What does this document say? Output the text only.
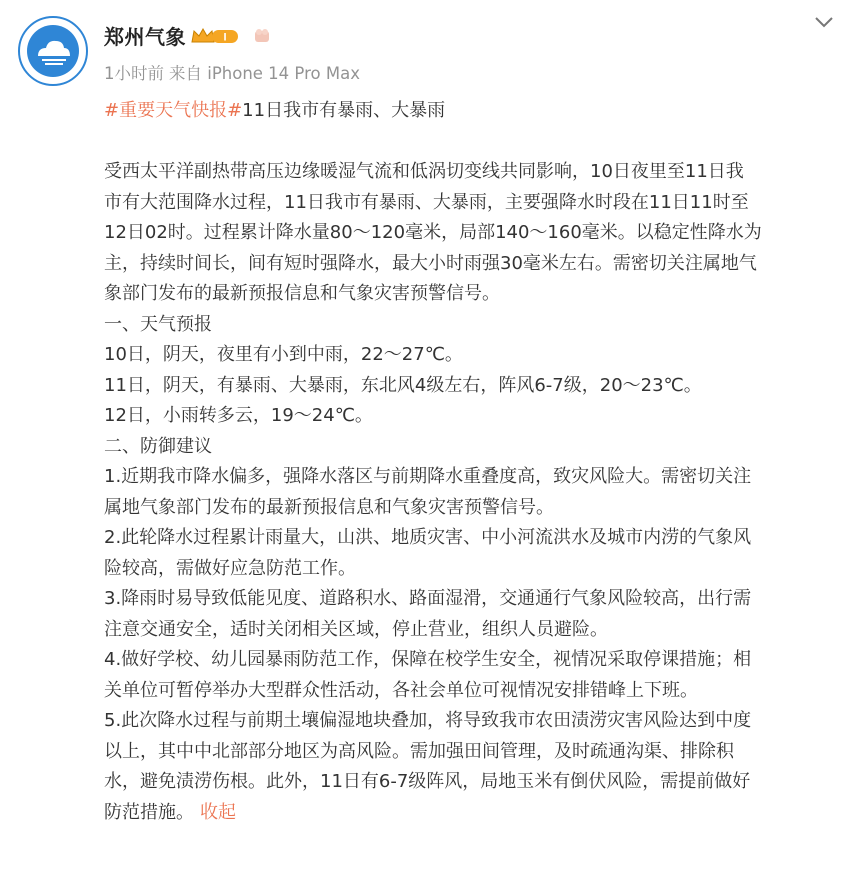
郑州气象	I
1小时前 来自 iPhone 14 Pro Max

#重要天气快报#11日我市有暴雨、大暴雨

受西太平洋副热带高压边缘暖湿气流和低涡切变线共同影响，10日夜里至11日我

市有大范围降水过程，11日我市有暴雨、大暴雨，主要强降水时段在11日11时至

12日02时。过程累计降水量80～120毫米，局部140～160毫米。以稳定性降水为

主，持续时间长，间有短时强降水，最大小时雨强30毫米左右。需密切关注属地气

象部门发布的最新预报信息和气象灾害预警信号。

一、天气预报

10日，阴天，夜里有小到中雨，22～27℃。

11日，阴天，有暴雨、大暴雨，东北风4级左右，阵风6-7级，20～23℃。

12日，小雨转多云，19～24℃。

二、防御建议

1.近期我市降水偏多，强降水落区与前期降水重叠度高，致灾风险大。需密切关注

属地气象部门发布的最新预报信息和气象灾害预警信号。

2.此轮降水过程累计雨量大，山洪、地质灾害、中小河流洪水及城市内涝的气象风

险较高，需做好应急防范工作。

3.降雨时易导致低能见度、道路积水、路面湿滑，交通通行气象风险较高，出行需

注意交通安全，适时关闭相关区域，停止营业，组织人员避险。

4.做好学校、幼儿园暴雨防范工作，保障在校学生安全，视情况采取停课措施；相

关单位可暂停举办大型群众性活动，各社会单位可视情况安排错峰上下班。

5.此次降水过程与前期土壤偏湿地块叠加，将导致我市农田渍涝灾害风险达到中度

以上，其中中北部部分地区为高风险。需加强田间管理，及时疏通沟渠、排除积

水，避免渍涝伤根。此外，11日有6-7级阵风，局地玉米有倒伏风险，需提前做好

防范措施。 收起
